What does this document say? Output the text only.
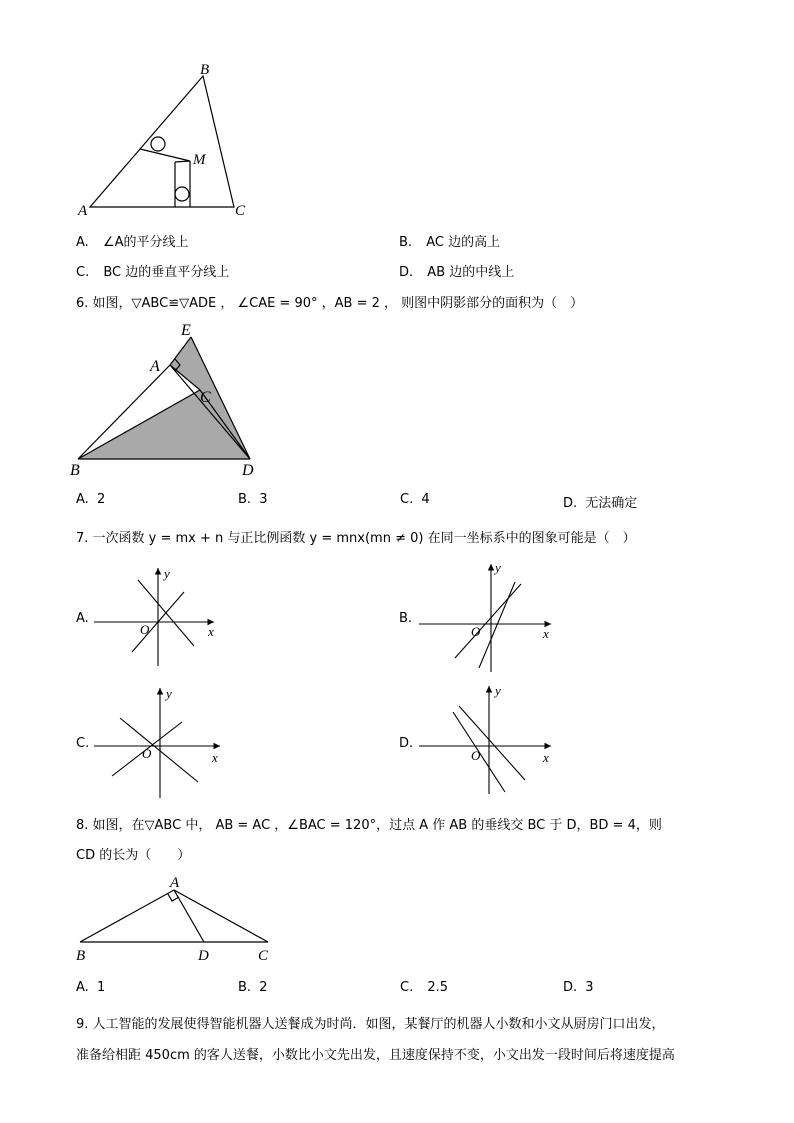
A
B
C
M
A. ∠A的平分线上	B. AC 边的高上
C. BC 边的垂直平分线上	D. AB 边的中线上
6. 如图，▽ABC≌▽ADE ， ∠CAE = 90° ，AB = 2 ， 则图中阴影部分的面积为（　）
B	D
E
A
C
A. 2	B. 3	C. 4	D. 无法确定
7. 一次函数 y = mx + n 与正比例函数 y = mnx(mn ≠ 0) 在同一坐标系中的图象可能是（　）
A.
y
x
O
B.
y
x
O
C.
y
x
O
D.
y
x
O
8. 如图，在▽ABC 中， AB = AC ，∠BAC = 120°，过点 A 作 AB 的垂线交 BC 于 D，BD = 4，则
CD 的长为（　　）
A
B	D	C
A. 1	B. 2	C. 2.5	D. 3
9. 人工智能的发展使得智能机器人送餐成为时尚．如图，某餐厅的机器人小数和小文从厨房门口出发，
准备给相距 450cm 的客人送餐，小数比小文先出发，且速度保持不变，小文出发一段时间后将速度提高
